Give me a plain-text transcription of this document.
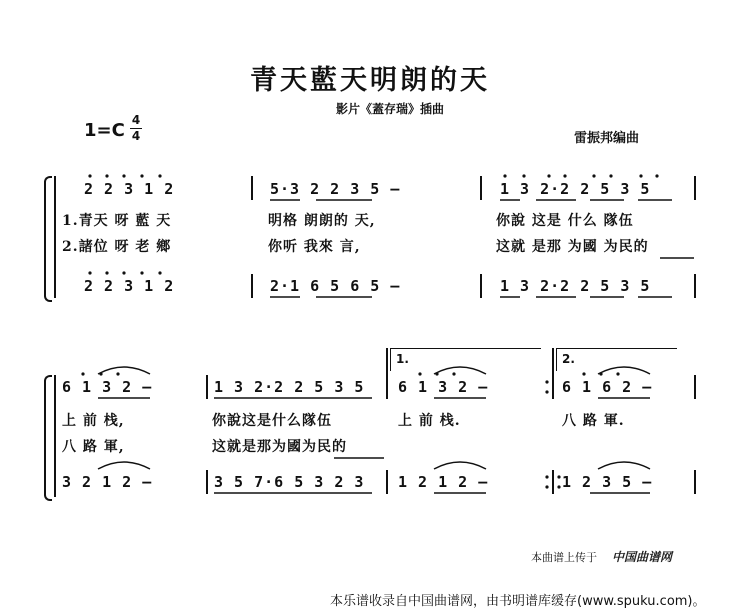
青天藍天明朗的天
影片《蓋存瑞》插曲
1=C 4
4	雷振邦编曲
2 2 3 1 2	5·3 2 2 3 5 –	1 3 2·2 2 5 3 5
1.青天 呀 藍 天	明格 朗朗的 天,	你說 这是 什么 隊伍
2.諸位 呀 老 鄉	你听 我來 言,	这就 是那 为國 为民的
2 2 3 1 2	2·1 6 5 6 5 –	1 3 2·2 2 5 3 5
1.	2.
6 1 3 2 –	1 3 2·2 2 5 3 5 6 1 3 2 –	6 1 6 2 –
上 前 栈,	你說这是什么隊伍	上 前 栈.	八 路 軍.
八 路 軍,	这就是那为國为民的
3 2 1 2 –	3 5 7·6 5 3 2 3 1 2 1 2 –	1 2 3 5 –
本曲谱上传于 中国曲谱网
本乐谱收录自中国曲谱网，由书明谱库缓存(www.spuku.com)。
